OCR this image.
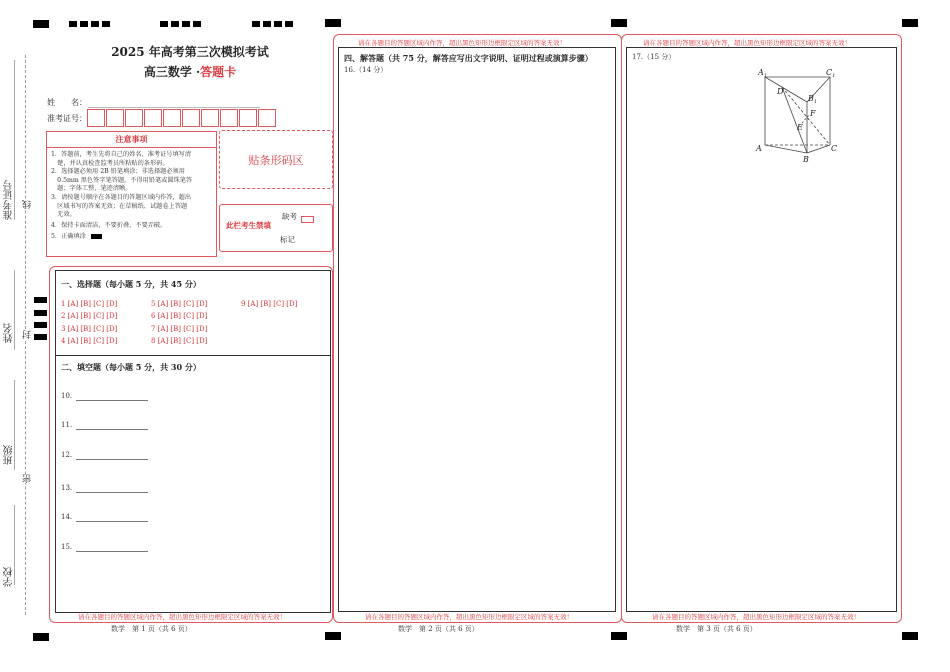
准考证号
姓名
班级
学校
线
封
密
2025 年高考第三次模拟考试
高三数学 ·答题卡
姓　　名：
准考证号：
注意事项
1．答题前，考生先将自己的姓名、准考证号填写清
　楚，并认真检查监考员所粘贴的条形码。
2．选择题必须用 2B 铅笔填涂；非选择题必须用
　0.5mm 黑色签字笔答题，不得用铅笔或圆珠笔答
　题；字体工整、笔迹清晰。
3．请按题号顺序在各题目的答题区域内作答，超出
　区域书写的答案无效；在草稿纸、试题卷上答题
　无效。
4．保持卡面清洁，不要折叠、不要弄破。
5．正确填涂
贴条形码区
此栏考生禁填
缺考
标记
一、选择题（每小题 5 分，共 45 分）
1 [A] [B] [C] [D]
2 [A] [B] [C] [D]
3 [A] [B] [C] [D]
4 [A] [B] [C] [D]
5 [A] [B] [C] [D]
6 [A] [B] [C] [D]
7 [A] [B] [C] [D]
8 [A] [B] [C] [D]
9 [A] [B] [C] [D]
二、填空题（每小题 5 分，共 30 分）
10.
11.
12.
13.
14.
15.
请在各题目的答题区域内作答，超出黑色矩形边框限定区域的答案无效！
数学　第 1 页（共 6 页）
请在各题目的答题区域内作答，超出黑色矩形边框限定区域的答案无效！
四、解答题（共 75 分，解答应写出文字说明、证明过程或演算步骤）
16.（14 分）
请在各题目的答题区域内作答，超出黑色矩形边框限定区域的答案无效！
数学　第 2 页（共 6 页）
请在各题目的答题区域内作答，超出黑色矩形边框限定区域的答案无效！
17.（15 分）
$A_1$	$C_1$
D
$B_1$
F
E
A	C
B
请在各题目的答题区域内作答，超出黑色矩形边框限定区域的答案无效！
数学　第 3 页（共 6 页）
